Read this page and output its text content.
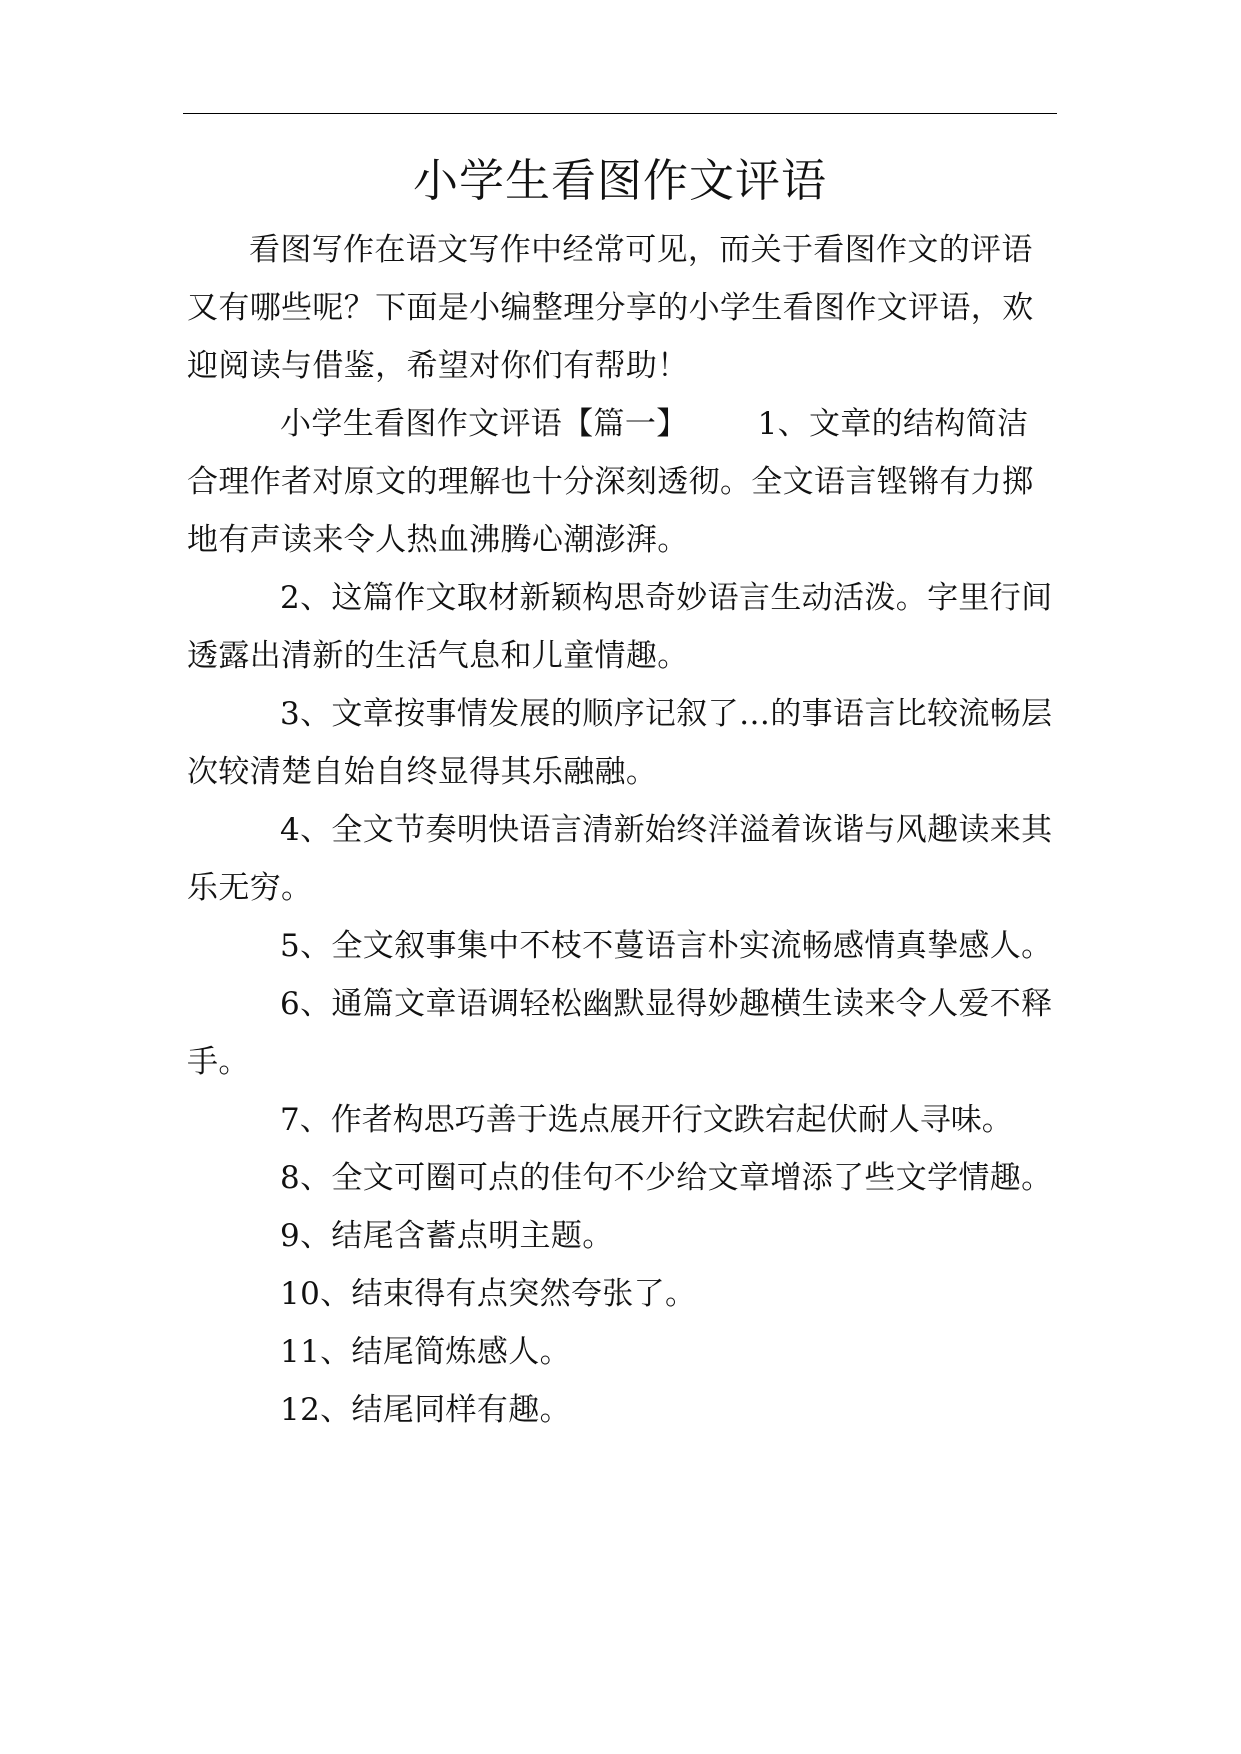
小学生看图作文评语

看图写作在语文写作中经常可见，而关于看图作文的评语又有哪些呢？下面是小编整理分享的小学生看图作文评语，欢迎阅读与借鉴，希望对你们有帮助！

小学生看图作文评语【篇一】 1、文章的结构简洁合理作者对原文的理解也十分深刻透彻。全文语言铿锵有力掷地有声读来令人热血沸腾心潮澎湃。

2、这篇作文取材新颖构思奇妙语言生动活泼。字里行间透露出清新的生活气息和儿童情趣。

3、文章按事情发展的顺序记叙了…的事语言比较流畅层次较清楚自始自终显得其乐融融。

4、全文节奏明快语言清新始终洋溢着诙谐与风趣读来其乐无穷。

5、全文叙事集中不枝不蔓语言朴实流畅感情真挚感人。

6、通篇文章语调轻松幽默显得妙趣横生读来令人爱不释手。

7、作者构思巧善于选点展开行文跌宕起伏耐人寻味。

8、全文可圈可点的佳句不少给文章增添了些文学情趣。

9、结尾含蓄点明主题。

10、结束得有点突然夸张了。

11、结尾简炼感人。

12、结尾同样有趣。
